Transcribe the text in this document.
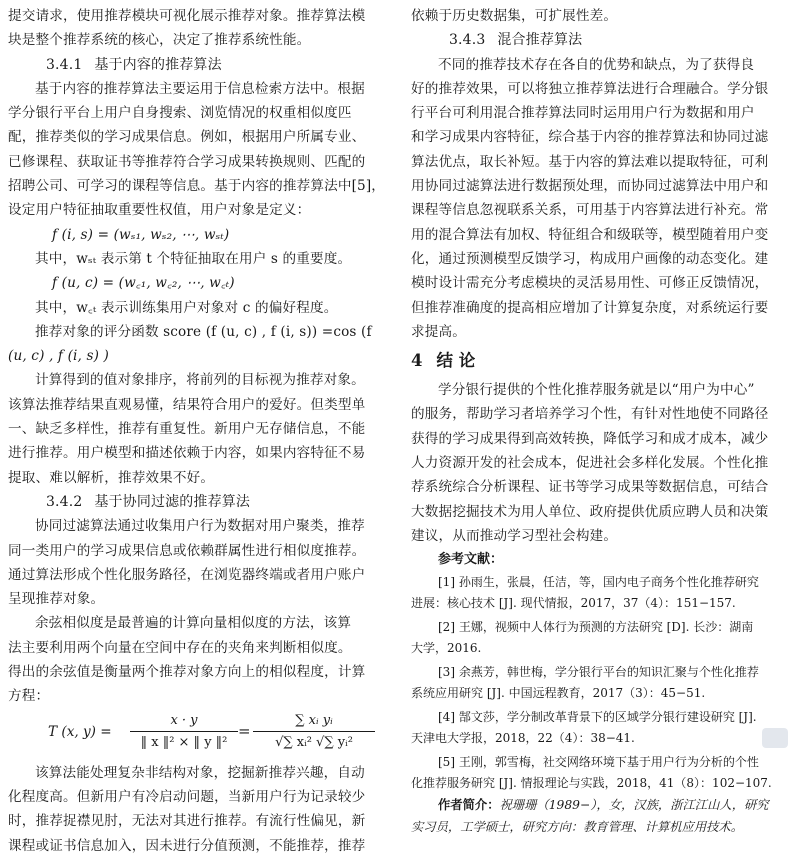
提交请求，使用推荐模块可视化展示推荐对象。推荐算法模
块是整个推荐系统的核心，决定了推荐系统性能。
3.4.1 基于内容的推荐算法
基于内容的推荐算法主要运用于信息检索方法中。根据
学分银行平台上用户自身搜索、浏览情况的权重相似度匹
配，推荐类似的学习成果信息。例如，根据用户所属专业、
已修课程、获取证书等推荐符合学习成果转换规则、匹配的
招聘公司、可学习的课程等信息。基于内容的推荐算法中[5]，
设定用户特征抽取重要性权值，用户对象是定义：
f (i, s) = (wₛ₁, wₛ₂, ⋯, wₛₜ)
其中，wₛₜ 表示第 t 个特征抽取在用户 s 的重要度。
f (u, c) = (w꜀₁, w꜀₂, ⋯, w꜀ₜ)
其中，w꜀ₜ 表示训练集用户对象对 c 的偏好程度。
推荐对象的评分函数 score (f (u, c) , f (i, s)) =cos (f
(u, c) , f (i, s) )
计算得到的值对象排序，将前列的目标视为推荐对象。
该算法推荐结果直观易懂，结果符合用户的爱好。但类型单
一、缺乏多样性，推荐有重复性。新用户无存储信息，不能
进行推荐。用户模型和描述依赖于内容，如果内容特征不易
提取、难以解析，推荐效果不好。
3.4.2 基于协同过滤的推荐算法
协同过滤算法通过收集用户行为数据对用户聚类，推荐
同一类用户的学习成果信息或依赖群属性进行相似度推荐。
通过算法形成个性化服务路径，在浏览器终端或者用户账户
呈现推荐对象。
余弦相似度是最普遍的计算向量相似度的方法，该算
法主要利用两个向量在空间中存在的夹角来判断相似度。
得出的余弦值是衡量两个推荐对象方向上的相似程度，计算
方程：
T (x, y) =
x · y
‖ x ‖² × ‖ y ‖²
=
∑ xᵢ yᵢ
√∑ xᵢ² √∑ yᵢ²
该算法能处理复杂非结构对象，挖掘新推荐兴趣，自动
化程度高。但新用户有冷启动问题，当新用户行为记录较少
时，推荐捉襟见肘，无法对其进行推荐。有流行性偏见，新
课程或证书信息加入，因未进行分值预测，不能推荐，推荐
依赖于历史数据集，可扩展性差。
3.4.3 混合推荐算法
不同的推荐技术存在各自的优势和缺点，为了获得良
好的推荐效果，可以将独立推荐算法进行合理融合。学分银
行平台可利用混合推荐算法同时运用用户行为数据和用户
和学习成果内容特征，综合基于内容的推荐算法和协同过滤
算法优点，取长补短。基于内容的算法难以提取特征，可利
用协同过滤算法进行数据预处理，而协同过滤算法中用户和
课程等信息忽视联系关系，可用基于内容算法进行补充。常
用的混合算法有加权、特征组合和级联等，模型随着用户变
化，通过预测模型反馈学习，构成用户画像的动态变化。建
模时设计需充分考虑模块的灵活易用性、可修正反馈情况，
但推荐准确度的提高相应增加了计算复杂度，对系统运行要
求提高。
4 结 论
学分银行提供的个性化推荐服务就是以“用户为中心”
的服务，帮助学习者培养学习个性，有针对性地使不同路径
获得的学习成果得到高效转换，降低学习和成才成本，减少
人力资源开发的社会成本，促进社会多样化发展。个性化推
荐系统综合分析课程、证书等学习成果等数据信息，可结合
大数据挖掘技术为用人单位、政府提供优质应聘人员和决策
建议，从而推动学习型社会构建。
参考文献：
[1] 孙雨生，张晨，任洁，等，国内电子商务个性化推荐研究
进展：核心技术 [J]. 现代情报，2017，37（4）：151−157.
[2] 王娜，视频中人体行为预测的方法研究 [D]. 长沙：湖南
大学，2016.
[3] 余燕芳，韩世梅，学分银行平台的知识汇聚与个性化推荐
系统应用研究 [J]. 中国远程教育，2017（3）：45−51.
[4] 郜文莎，学分制改革背景下的区域学分银行建设研究 [J].
天津电大学报，2018，22（4）：38−41.
[5] 王刚，郭雪梅，社交网络环境下基于用户行为分析的个性
化推荐服务研究 [J]. 情报理论与实践，2018，41（8）：102−107.
作者简介：祝珊珊（1989−），女，汉族，浙江江山人，研究
实习员，工学硕士，研究方向：教育管理、计算机应用技术。
